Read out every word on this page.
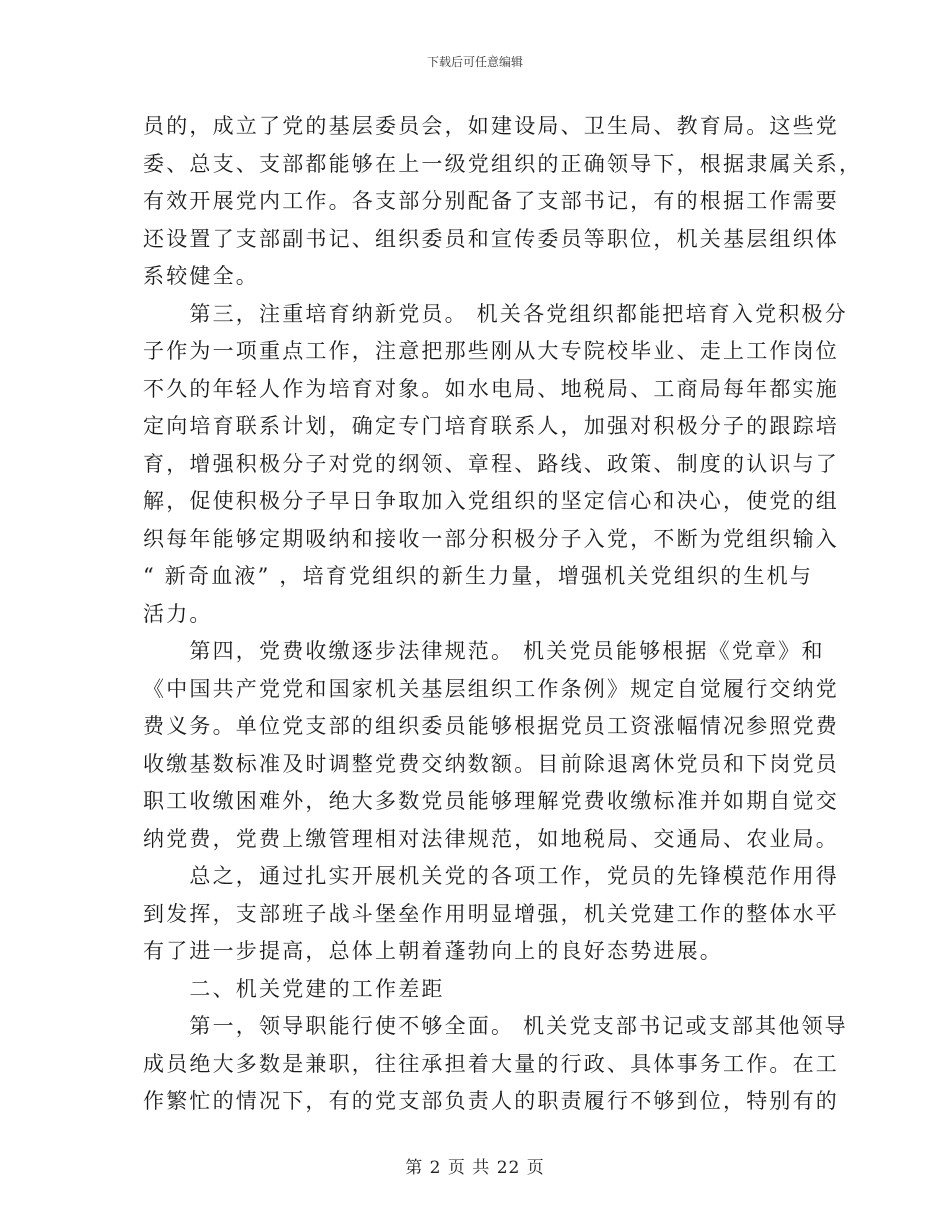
下载后可任意编辑
员的，成立了党的基层委员会，如建设局、卫生局、教育局。这些党
委、总支、支部都能够在上一级党组织的正确领导下，根据隶属关系，
有效开展党内工作。各支部分别配备了支部书记，有的根据工作需要
还设置了支部副书记、组织委员和宣传委员等职位，机关基层组织体
系较健全。
　　第三，注重培育纳新党员。 机关各党组织都能把培育入党积极分
子作为一项重点工作，注意把那些刚从大专院校毕业、走上工作岗位
不久的年轻人作为培育对象。如水电局、地税局、工商局每年都实施
定向培育联系计划，确定专门培育联系人，加强对积极分子的跟踪培
育，增强积极分子对党的纲领、章程、路线、政策、制度的认识与了
解，促使积极分子早日争取加入党组织的坚定信心和决心，使党的组
织每年能够定期吸纳和接收一部分积极分子入党，不断为党组织输入
“ 新奇血液” ，培育党组织的新生力量，增强机关党组织的生机与
活力。
　　第四，党费收缴逐步法律规范。 机关党员能够根据《党章》和
《中国共产党党和国家机关基层组织工作条例》规定自觉履行交纳党
费义务。单位党支部的组织委员能够根据党员工资涨幅情况参照党费
收缴基数标准及时调整党费交纳数额。目前除退离休党员和下岗党员
职工收缴困难外，绝大多数党员能够理解党费收缴标准并如期自觉交
纳党费，党费上缴管理相对法律规范，如地税局、交通局、农业局。
　　总之，通过扎实开展机关党的各项工作，党员的先锋模范作用得
到发挥，支部班子战斗堡垒作用明显增强，机关党建工作的整体水平
有了进一步提高，总体上朝着蓬勃向上的良好态势进展。
　　二、机关党建的工作差距
　　第一，领导职能行使不够全面。 机关党支部书记或支部其他领导
成员绝大多数是兼职，往往承担着大量的行政、具体事务工作。在工
作繁忙的情况下，有的党支部负责人的职责履行不够到位，特别有的
第 2 页 共 22 页
